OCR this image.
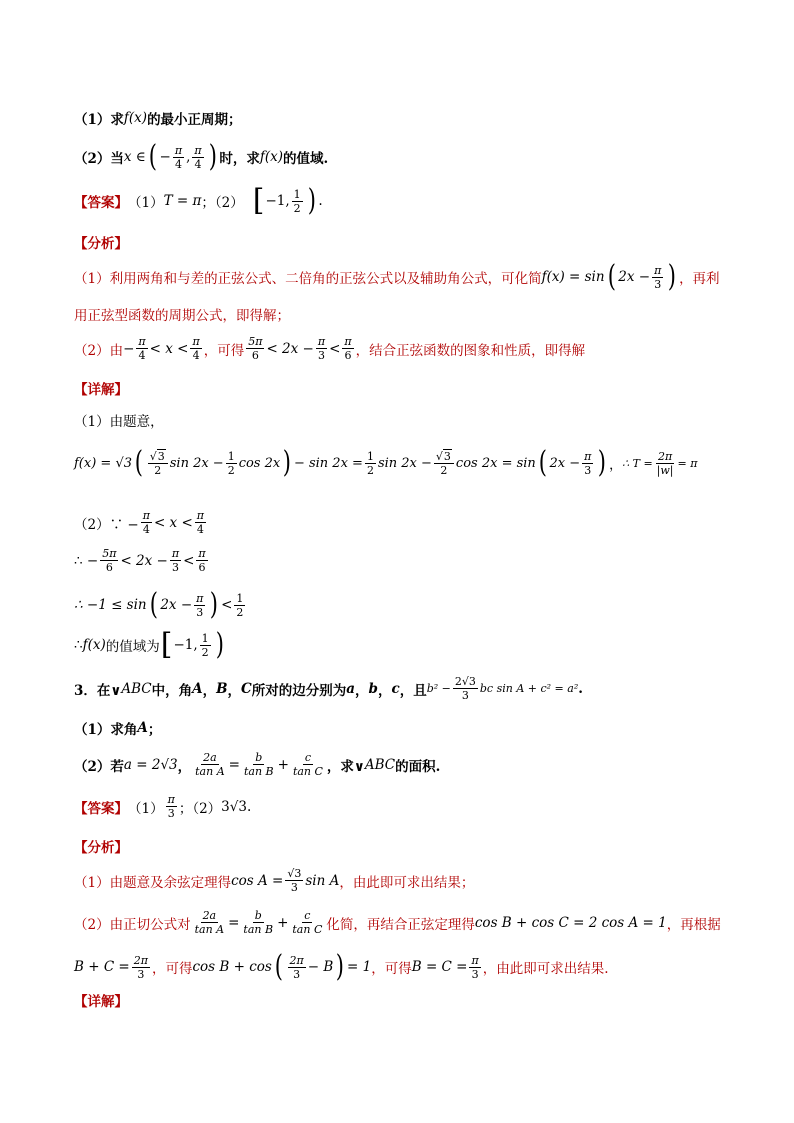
（1）求 f(x) 的最小正周期；
（2）当 x ∈ ( − $\frac{\pi}{4}$ , $\frac{\pi}{4}$ ) 时，求 f(x) 的值域.
【答案】 （1） T = π ；（2） [ −1, $\frac{1}{2}$ ) .
【分析】
（1）利用两角和与差的正弦公式、二倍角的正弦公式以及辅助角公式，可化简 f(x) = sin ( $2x - \frac{\pi}{3}$ ) ，再利
用正弦型函数的周期公式，即得解；
（2）由 − $\frac{\pi}{4} < x < \frac{\pi}{4}$ ，可得 $\frac{5\pi}{6} < 2x - \frac{\pi}{3} < \frac{\pi}{6}$ ，结合正弦函数的图象和性质，即得解
【详解】
（1）由题意，
f(x) = √3 ( $\frac{√3}{2}$ $\sin 2x - \frac{1}{2}$ cos 2x ) − $\sin 2x = \frac{1}{2}$ $\sin 2x - \frac{√3}{2}$ cos 2x = sin ( $2x - \frac{\pi}{3}$ ) ， ∴ $T = \frac{2\pi}{|w|} = \pi$
（2）∵ − $\frac{\pi}{4} < x < \frac{\pi}{4}$
∴ − $\frac{5\pi}{6} < 2x - \frac{\pi}{3} < \frac{\pi}{6}$
∴ −1 ≤ sin ( $2x - \frac{\pi}{3}$ ) < $\frac{1}{2}$
∴ f(x) 的值域为 [ −1, $\frac{1}{2}$ )
3．在∨ ABC 中，角 A ， B ， C 所对的边分别为 a ， b ， c ，且 $b^2 - \frac{2√3}{3}$ bc sin A + c² = a² .
（1）求角 A ；
（2）若 a = 2√3 ， $\frac{2a}{\text{tan A}} = \frac{b}{\text{tan B}} + \frac{c}{\text{tan C}}$ ，求∨ ABC 的面积.
【答案】 $(1) \frac{\pi}{3}$ ；（2） 3√3 .
【分析】
（1）由题意及余弦定理得 $\cos A = \frac{√3}{3}$ sin A ，由此即可求出结果；
（2）由正切公式对 $\frac{2a}{\text{tan A}} = \frac{b}{\text{tan B}} + \frac{c}{\text{tan C}}$ 化简，再结合正弦定理得 cos B + cos C = 2 cos A = 1 ，再根据
$B + C = \frac{2\pi}{3}$ ，可得 cos B + cos ( $\frac{2\pi}{3} - B$ ) = 1 ，可得 $B = C = \frac{\pi}{3}$ ，由此即可求出结果.
【详解】
